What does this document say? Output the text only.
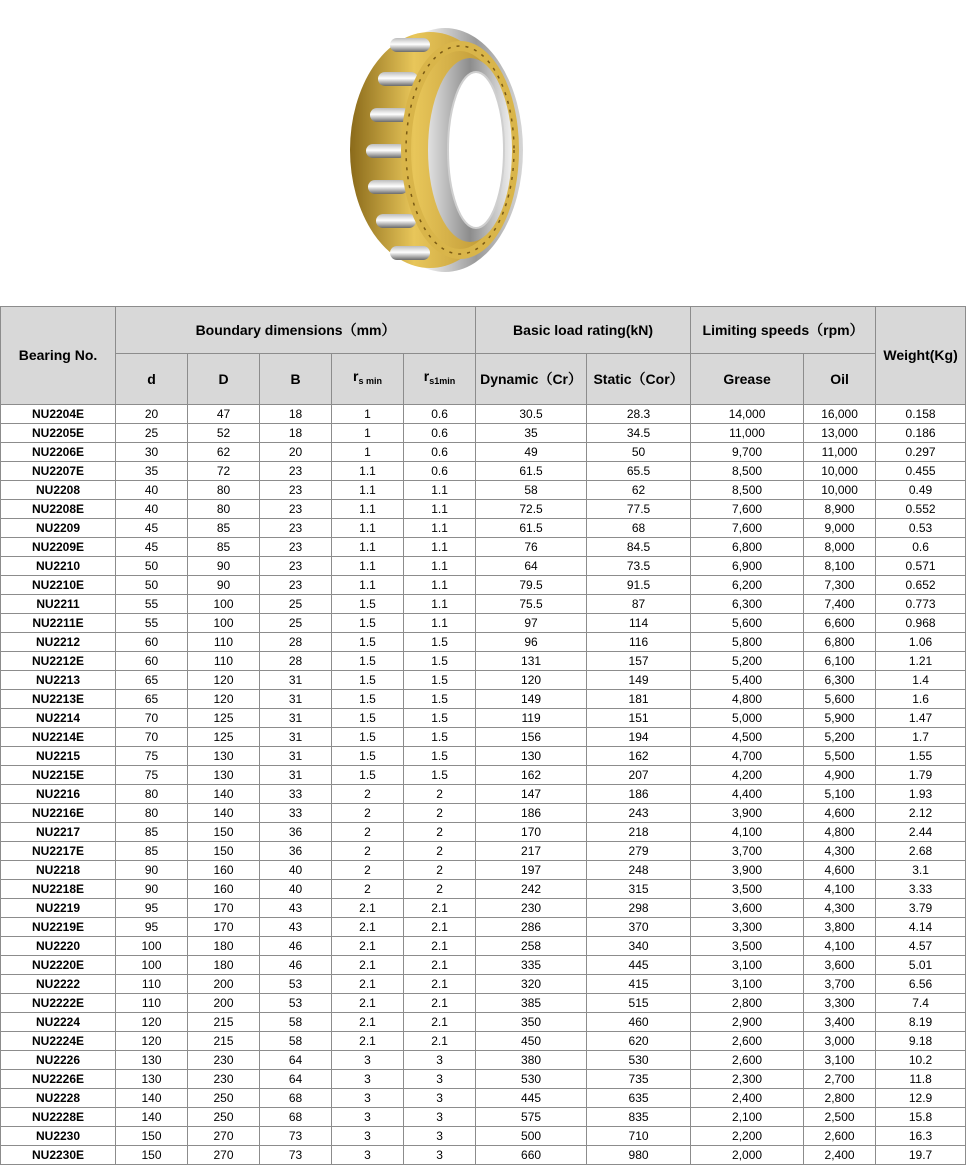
Bearing No.	Boundary dimensions（mm）					Basic load rating(kN)		Limiting speeds（rpm）		Weight(Kg)
	d	D	B	$r_{s min}$	$r_{s1min}$	Dynamic（Cr）	Static（Cor）	Grease	Oil	
NU2204E	20	47	18	1	0.6	30.5	28.3	14,000	16,000	0.158
NU2205E	25	52	18	1	0.6	35	34.5	11,000	13,000	0.186
NU2206E	30	62	20	1	0.6	49	50	9,700	11,000	0.297
NU2207E	35	72	23	1.1	0.6	61.5	65.5	8,500	10,000	0.455
NU2208	40	80	23	1.1	1.1	58	62	8,500	10,000	0.49
NU2208E	40	80	23	1.1	1.1	72.5	77.5	7,600	8,900	0.552
NU2209	45	85	23	1.1	1.1	61.5	68	7,600	9,000	0.53
NU2209E	45	85	23	1.1	1.1	76	84.5	6,800	8,000	0.6
NU2210	50	90	23	1.1	1.1	64	73.5	6,900	8,100	0.571
NU2210E	50	90	23	1.1	1.1	79.5	91.5	6,200	7,300	0.652
NU2211	55	100	25	1.5	1.1	75.5	87	6,300	7,400	0.773
NU2211E	55	100	25	1.5	1.1	97	114	5,600	6,600	0.968
NU2212	60	110	28	1.5	1.5	96	116	5,800	6,800	1.06
NU2212E	60	110	28	1.5	1.5	131	157	5,200	6,100	1.21
NU2213	65	120	31	1.5	1.5	120	149	5,400	6,300	1.4
NU2213E	65	120	31	1.5	1.5	149	181	4,800	5,600	1.6
NU2214	70	125	31	1.5	1.5	119	151	5,000	5,900	1.47
NU2214E	70	125	31	1.5	1.5	156	194	4,500	5,200	1.7
NU2215	75	130	31	1.5	1.5	130	162	4,700	5,500	1.55
NU2215E	75	130	31	1.5	1.5	162	207	4,200	4,900	1.79
NU2216	80	140	33	2	2	147	186	4,400	5,100	1.93
NU2216E	80	140	33	2	2	186	243	3,900	4,600	2.12
NU2217	85	150	36	2	2	170	218	4,100	4,800	2.44
NU2217E	85	150	36	2	2	217	279	3,700	4,300	2.68
NU2218	90	160	40	2	2	197	248	3,900	4,600	3.1
NU2218E	90	160	40	2	2	242	315	3,500	4,100	3.33
NU2219	95	170	43	2.1	2.1	230	298	3,600	4,300	3.79
NU2219E	95	170	43	2.1	2.1	286	370	3,300	3,800	4.14
NU2220	100	180	46	2.1	2.1	258	340	3,500	4,100	4.57
NU2220E	100	180	46	2.1	2.1	335	445	3,100	3,600	5.01
NU2222	110	200	53	2.1	2.1	320	415	3,100	3,700	6.56
NU2222E	110	200	53	2.1	2.1	385	515	2,800	3,300	7.4
NU2224	120	215	58	2.1	2.1	350	460	2,900	3,400	8.19
NU2224E	120	215	58	2.1	2.1	450	620	2,600	3,000	9.18
NU2226	130	230	64	3	3	380	530	2,600	3,100	10.2
NU2226E	130	230	64	3	3	530	735	2,300	2,700	11.8
NU2228	140	250	68	3	3	445	635	2,400	2,800	12.9
NU2228E	140	250	68	3	3	575	835	2,100	2,500	15.8
NU2230	150	270	73	3	3	500	710	2,200	2,600	16.3
NU2230E	150	270	73	3	3	660	980	2,000	2,400	19.7
